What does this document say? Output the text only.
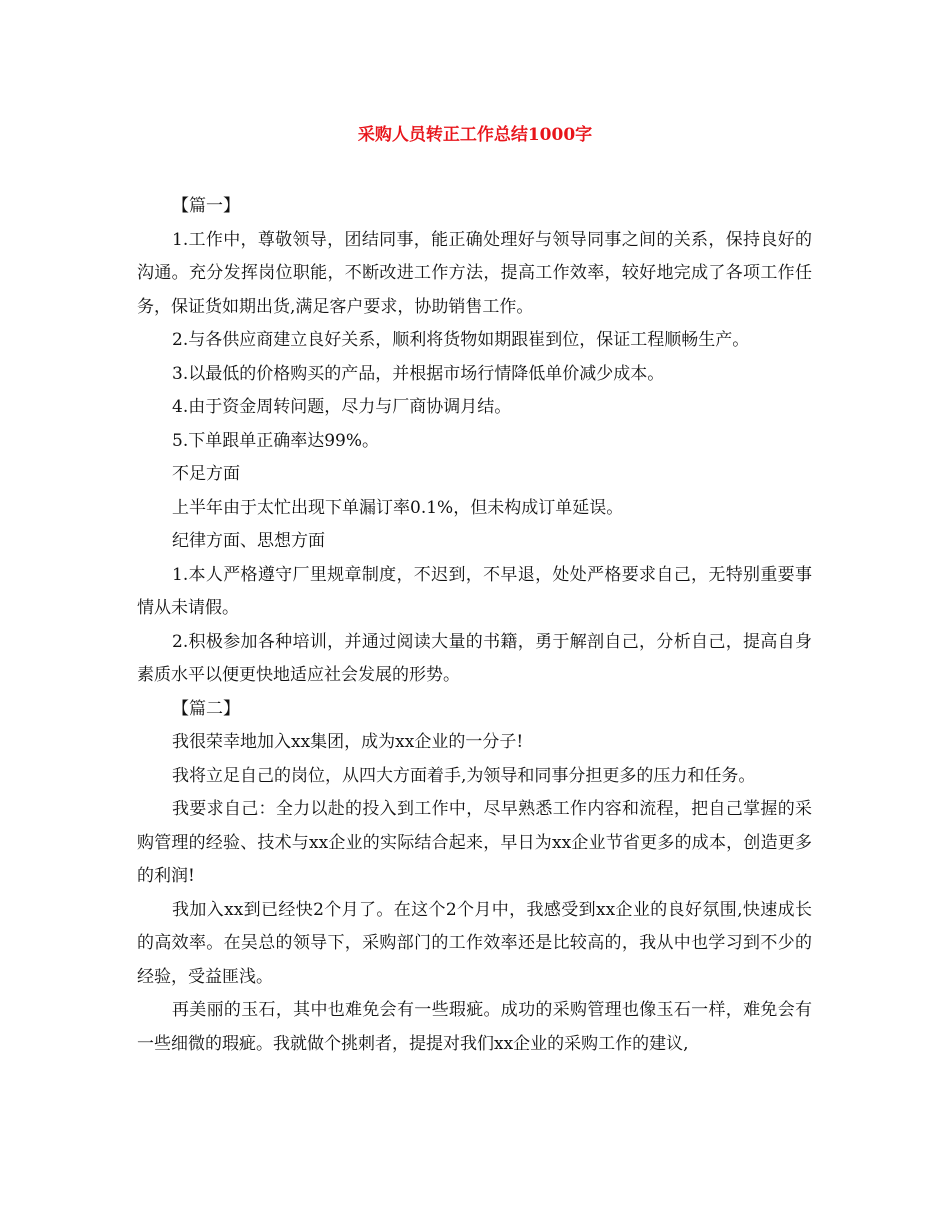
采购人员转正工作总结1000字

【篇一】

1.工作中，尊敬领导，团结同事，能正确处理好与领导同事之间的关系，保持良好的沟通。充分发挥岗位职能，不断改进工作方法，提高工作效率，较好地完成了各项工作任务，保证货如期出货,满足客户要求，协助销售工作。

2.与各供应商建立良好关系，顺利将货物如期跟崔到位，保证工程顺畅生产。

3.以最低的价格购买的产品，并根据市场行情降低单价减少成本。

4.由于资金周转问题，尽力与厂商协调月结。

5.下单跟单正确率达99%。

不足方面

上半年由于太忙出现下单漏订率0.1%，但未构成订单延误。

纪律方面、思想方面

1.本人严格遵守厂里规章制度，不迟到，不早退，处处严格要求自己，无特别重要事情从未请假。

2.积极参加各种培训，并通过阅读大量的书籍，勇于解剖自己，分析自己，提高自身素质水平以便更快地适应社会发展的形势。

【篇二】

我很荣幸地加入xx集团，成为xx企业的一分子!

我将立足自己的岗位，从四大方面着手,为领导和同事分担更多的压力和任务。

我要求自己：全力以赴的投入到工作中，尽早熟悉工作内容和流程，把自己掌握的采购管理的经验、技术与xx企业的实际结合起来，早日为xx企业节省更多的成本，创造更多的利润!

我加入xx到已经快2个月了。在这个2个月中，我感受到xx企业的良好氛围,快速成长的高效率。在吴总的领导下，采购部门的工作效率还是比较高的，我从中也学习到不少的经验，受益匪浅。

再美丽的玉石，其中也难免会有一些瑕疵。成功的采购管理也像玉石一样，难免会有一些细微的瑕疵。我就做个挑刺者，提提对我们xx企业的采购工作的建议,
